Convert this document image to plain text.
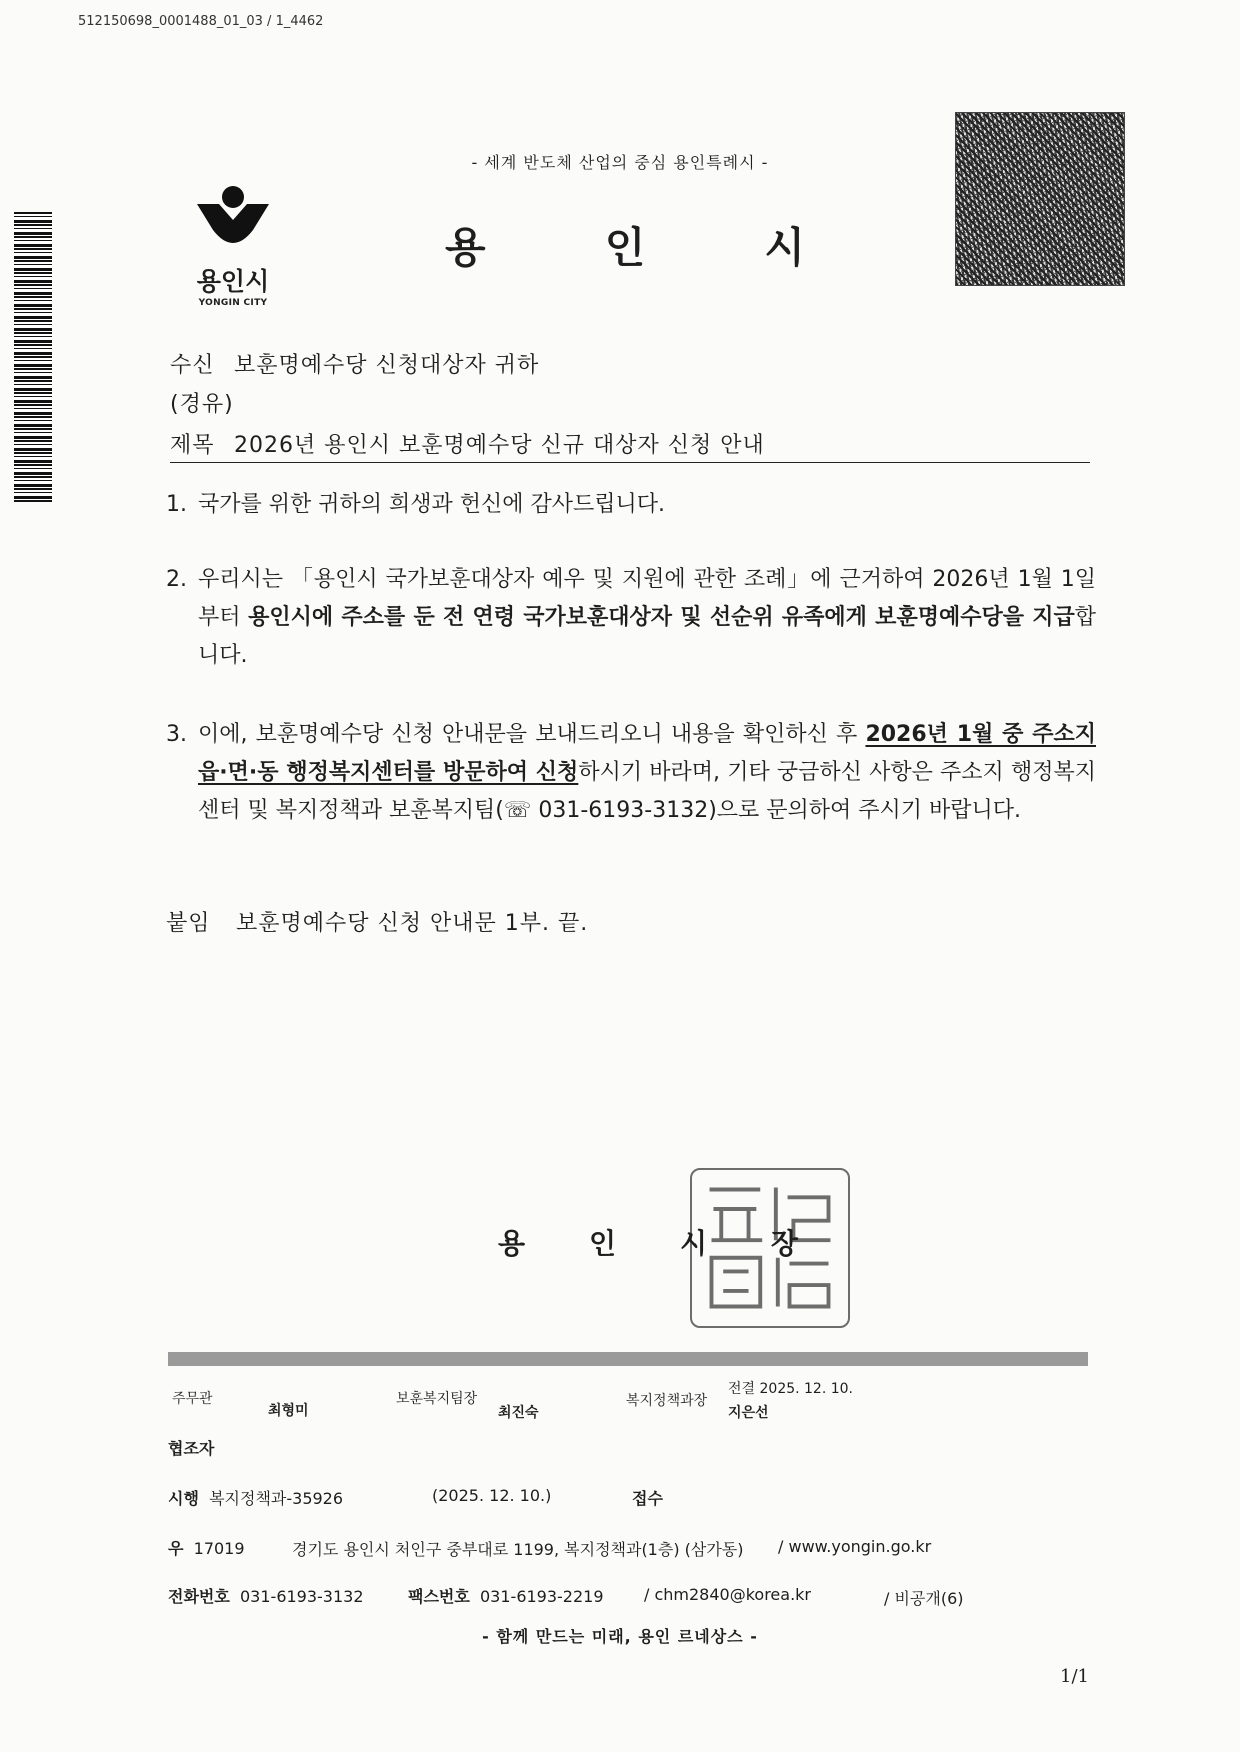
512150698_0001488_01_03 / 1_4462
- 세계 반도체 산업의 중심 용인특례시 -
용인시
YONGIN CITY
용	인	시
수신 보훈명예수당 신청대상자 귀하
(경유)
제목 2026년 용인시 보훈명예수당 신규 대상자 신청 안내
1. 국가를 위한 귀하의 희생과 헌신에 감사드립니다.
2. 우리시는 「용인시 국가보훈대상자 예우 및 지원에 관한 조례」에 근거하여 2026년 1월 1일부터 용인시에 주소를 둔 전 연령 국가보훈대상자 및 선순위 유족에게 보훈명예수당을 지급합니다.
3. 이에, 보훈명예수당 신청 안내문을 보내드리오니 내용을 확인하신 후 2026년 1월 중 주소지 읍·면·동 행정복지센터를 방문하여 신청하시기 바라며, 기타 궁금하신 사항은 주소지 행정복지센터 및 복지정책과 보훈복지팀(☏ 031-6193-3132)으로 문의하여 주시기 바랍니다.
붙임 보훈명예수당 신청 안내문 1부. 끝.
용 인 시 장
주무관
최형미
보훈복지팀장
최진숙
복지정책과장
전결 2025. 12. 10.
지은선
협조자
시행 복지정책과-35926	(2025. 12. 10.)	접수
우 17019	경기도 용인시 처인구 중부대로 1199, 복지정책과(1층) (삼가동) / www.yongin.go.kr
전화번호 031-6193-3132	팩스번호 031-6193-2219	/ chm2840@korea.kr	/ 비공개(6)
- 함께 만드는 미래, 용인 르네상스 -
1/1
